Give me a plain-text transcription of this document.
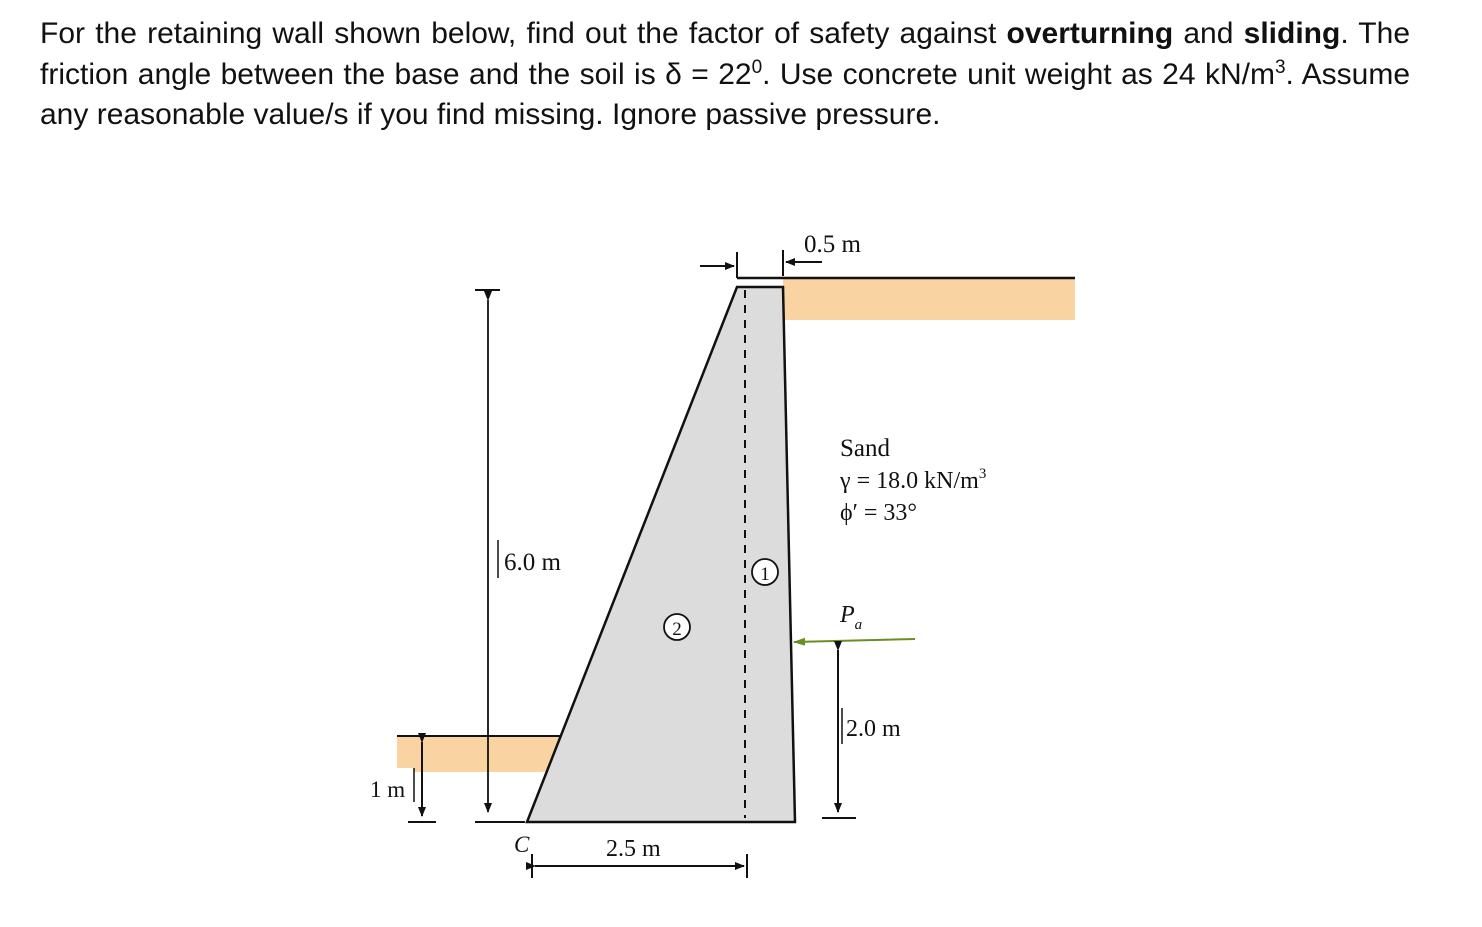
For the retaining wall shown below, find out the factor of safety against overturning and sliding. The friction angle between the base and the soil is $\delta = 22^0$. Use concrete unit weight as 24 $kN/m^3$. Assume any reasonable value/s if you find missing. Ignore passive pressure.
0.5 m
6.0 m
1 m
C	2.5 m
1
2
Sand
γ = 18.0 $kN/m^3$
ϕ′ = 33°
$P_a$
2.0 m
